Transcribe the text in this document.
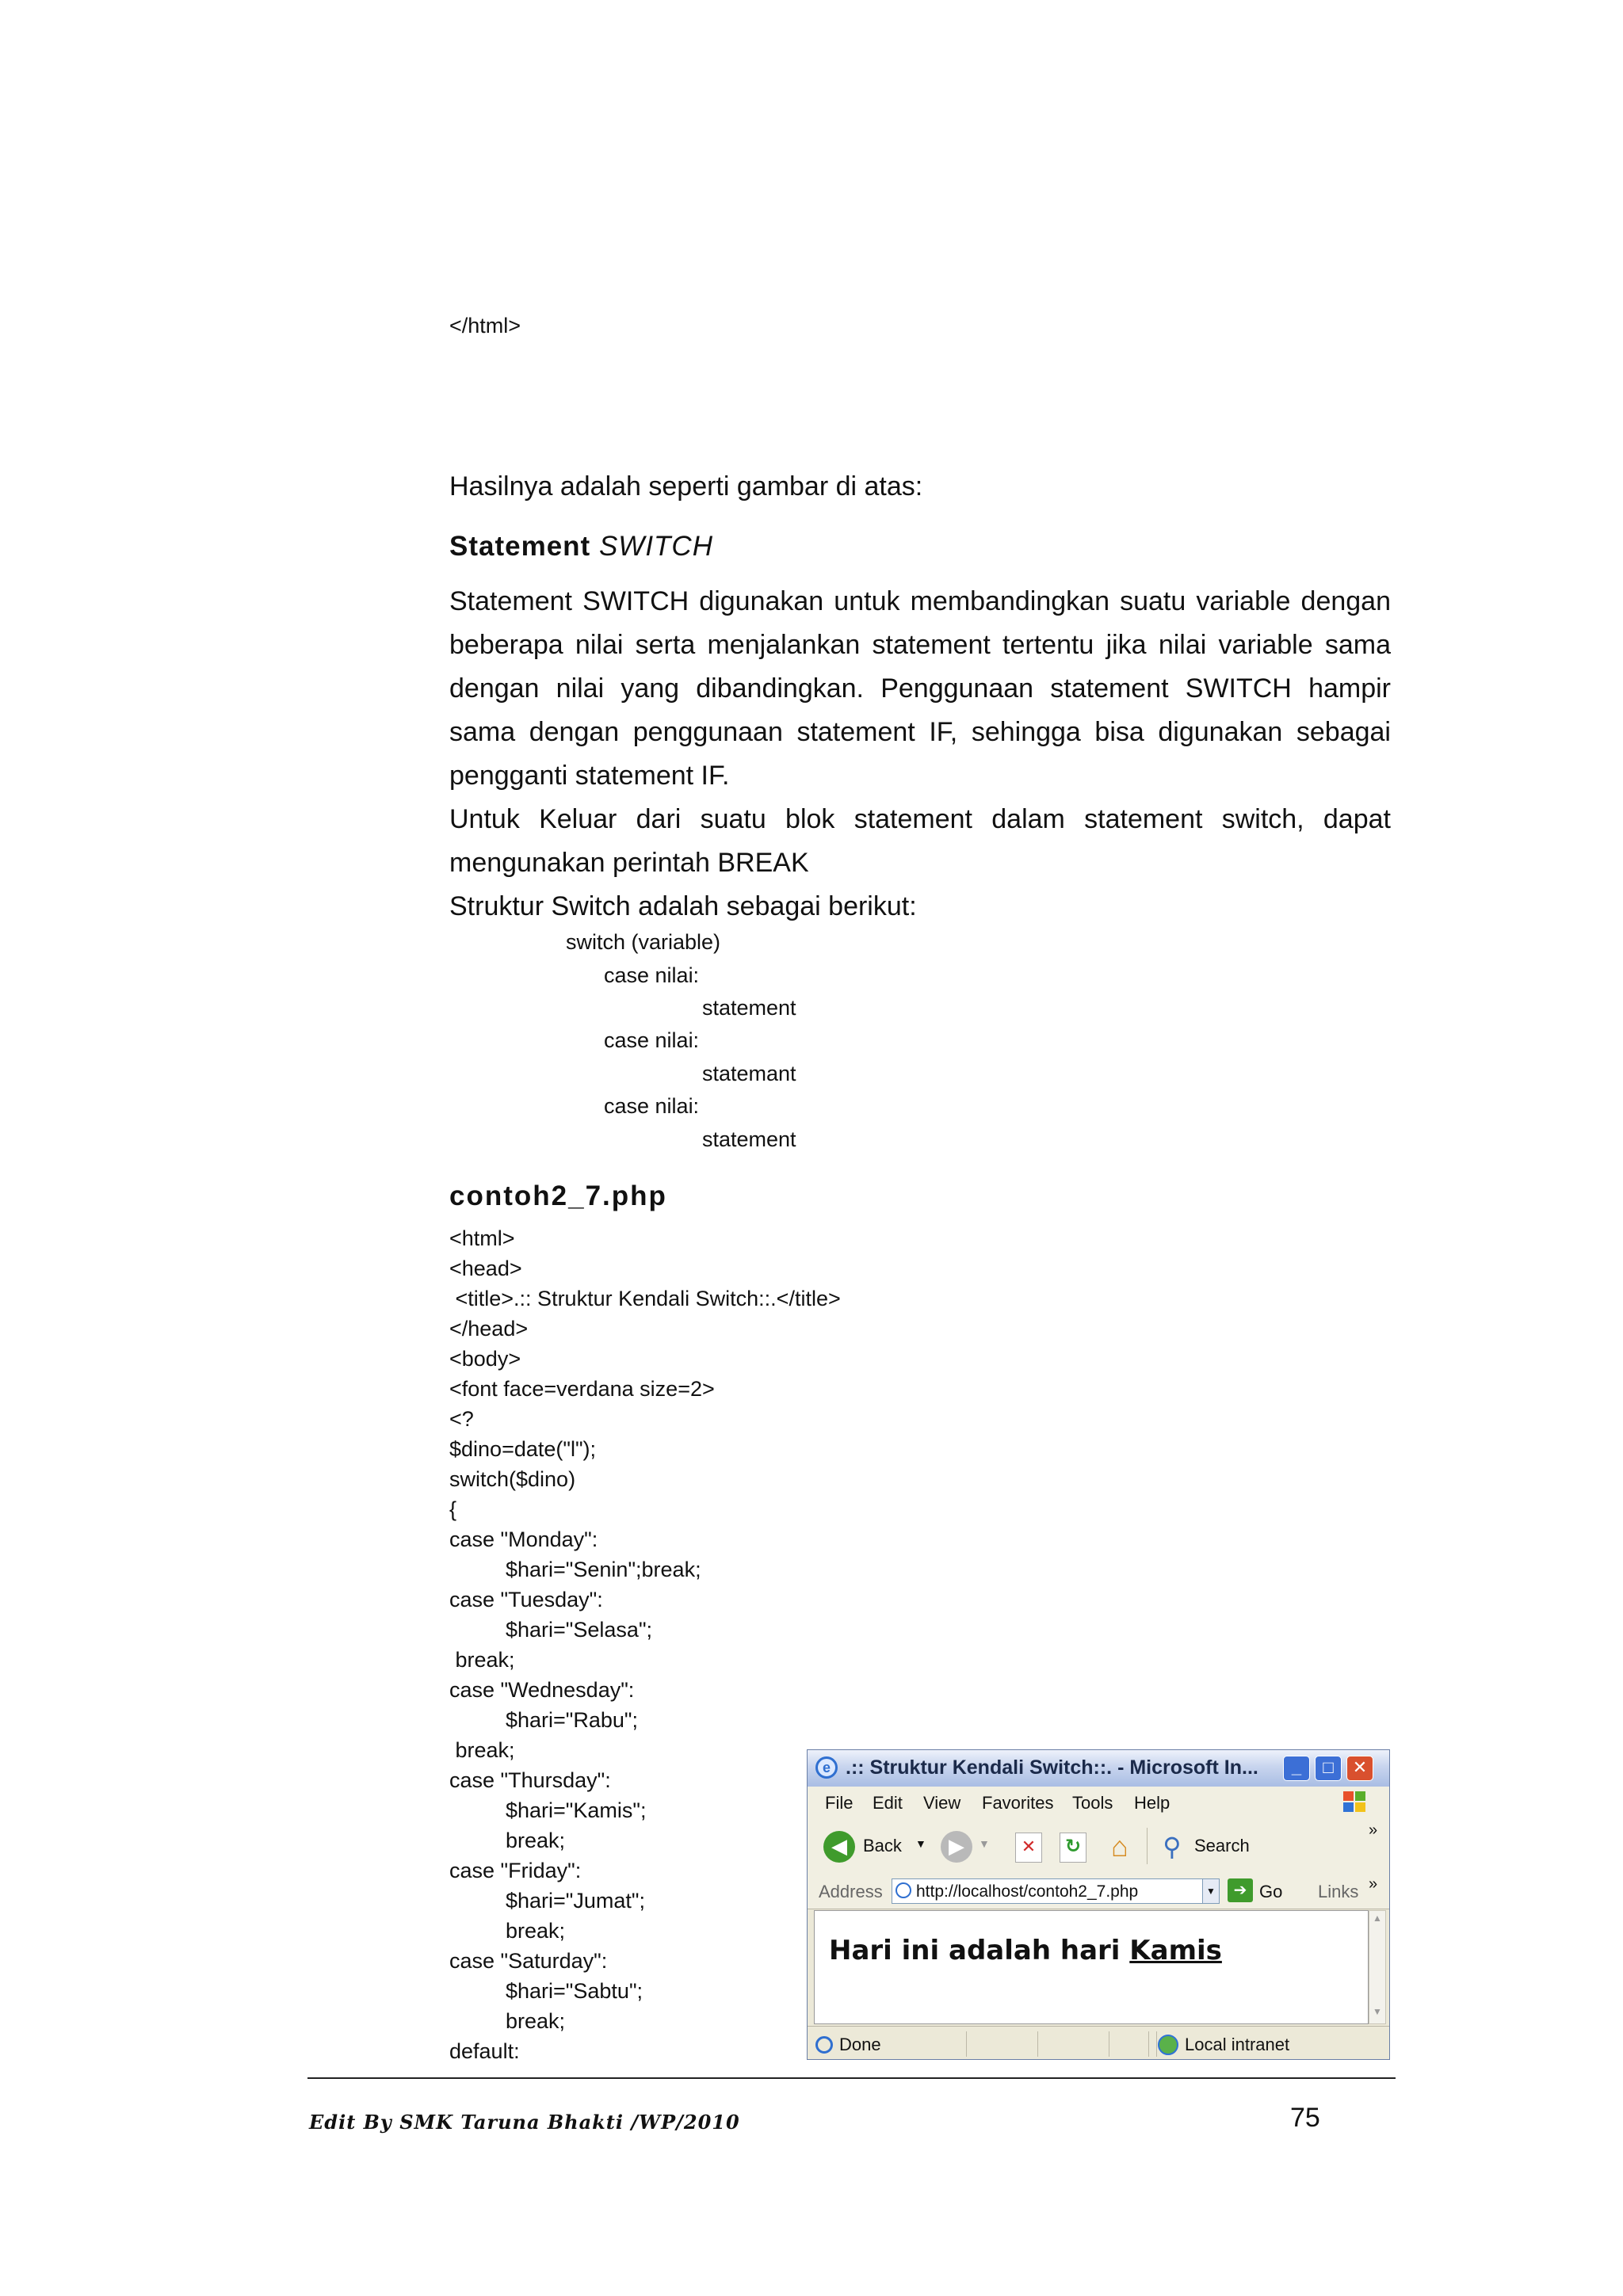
</html>
Hasilnya adalah seperti gambar di atas:
Statement SWITCH
Statement SWITCH digunakan untuk membandingkan suatu variable dengan beberapa nilai serta menjalankan statement tertentu jika nilai variable sama dengan nilai yang dibandingkan. Penggunaan statement SWITCH hampir sama dengan penggunaan statement IF, sehingga bisa digunakan sebagai pengganti statement IF.
Untuk Keluar dari suatu blok statement dalam statement switch, dapat mengunakan perintah BREAK
Struktur Switch adalah sebagai berikut:
switch (variable)
case nilai:
statement
case nilai:
statemant
case nilai:
statement
contoh2_7.php
<html>
<head>
<title>.:: Struktur Kendali Switch::.</title>
</head>
<body>
<font face=verdana size=2>
<?
$dino=date("l");
switch($dino)
{
case "Monday":
$hari="Senin";break;
case "Tuesday":
$hari="Selasa";
break;
case "Wednesday":
$hari="Rabu";
break;
case "Thursday":
$hari="Kamis";
break;
case "Friday":
$hari="Jumat";
break;
case "Saturday":
$hari="Sabtu";
break;
default:
e .:: Struktur Kendali Switch::. - Microsoft In...	_	□	✕
File Edit View Favorites Tools Help
◀ Back ▼	▶	▼	✕	↻ ⌂ ⚲ Search
»
Address http://localhost/contoh2_7.php	▼	➔ Go Links »
Hari ini adalah hari Kamis
▲
▼
Done	Local intranet
Edit By SMK Taruna Bhakti /WP/2010	75
